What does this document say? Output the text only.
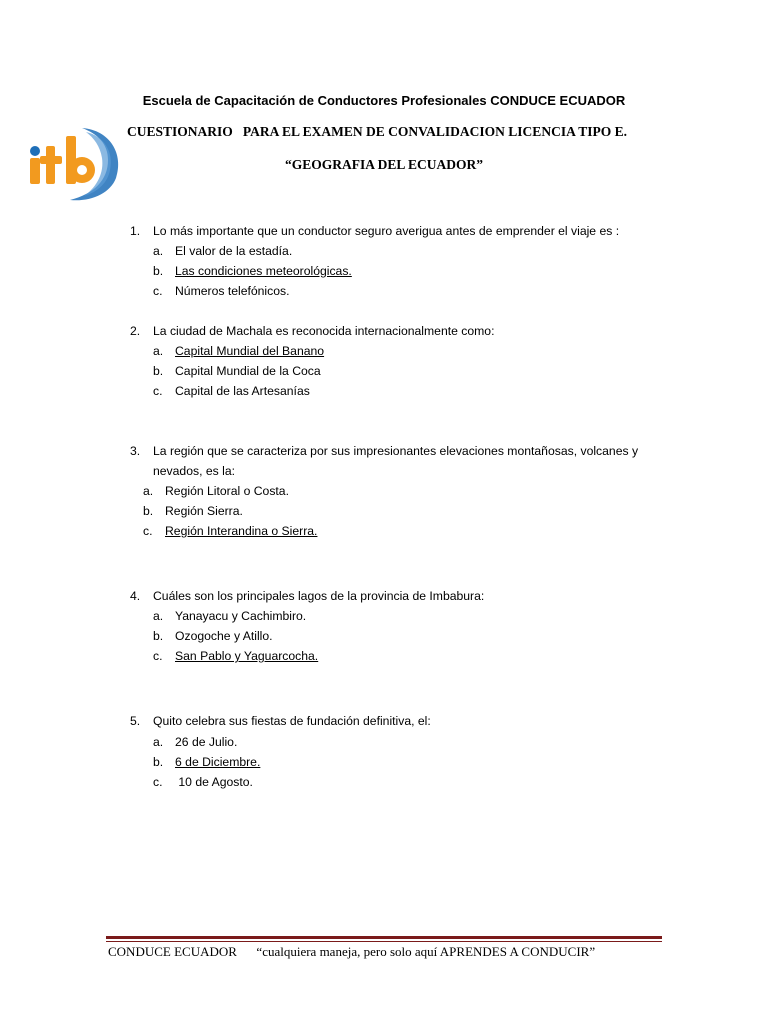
Escuela de Capacitación de Conductores Profesionales CONDUCE ECUADOR
CUESTIONARIO   PARA EL EXAMEN DE CONVALIDACION LICENCIA TIPO E.
“GEOGRAFIA DEL ECUADOR”
1. Lo más importante que un conductor seguro averigua antes de emprender el viaje es :
a. El valor de la estadía.
b. Las condiciones meteorológicas.
c. Números telefónicos.
2. La ciudad de Machala es reconocida internacionalmente como:
a. Capital Mundial del Banano
b. Capital Mundial de la Coca
c. Capital de las Artesanías
3. La región que se caracteriza por sus impresionantes elevaciones montañosas, volcanes y nevados, es la:
a. Región Litoral o Costa.
b. Región Sierra.
c. Región Interandina o Sierra.
4. Cuáles son los principales lagos de la provincia de Imbabura:
a. Yanayacu y Cachimbiro.
b. Ozogoche y Atillo.
c. San Pablo y Yaguarcocha.
5. Quito celebra sus fiestas de fundación definitiva, el:
a. 26 de Julio.
b. 6 de Diciembre.
c. 10 de Agosto.
CONDUCE ECUADOR “cualquiera maneja, pero solo aquí APRENDES A CONDUCIR”
